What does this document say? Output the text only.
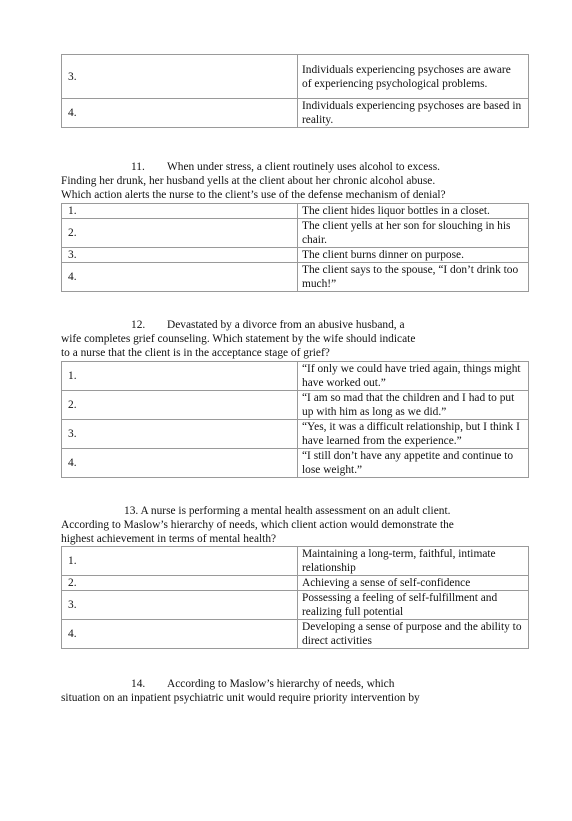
3.	Individuals experiencing psychoses are aware of experiencing psychological problems.
4.	Individuals experiencing psychoses are based in reality.
11. When under stress, a client routinely uses alcohol to excess.
Finding her drunk, her husband yells at the client about her chronic alcohol abuse.
Which action alerts the nurse to the client’s use of the defense mechanism of denial?
1.	The client hides liquor bottles in a closet.
2.	The client yells at her son for slouching in his chair.
3.	The client burns dinner on purpose.
4.	The client says to the spouse, “I don’t drink too much!”
12. Devastated by a divorce from an abusive husband, a
wife completes grief counseling. Which statement by the wife should indicate
to a nurse that the client is in the acceptance stage of grief?
1.	“If only we could have tried again, things might have worked out.”
2.	“I am so mad that the children and I had to put up with him as long as we did.”
3.	“Yes, it was a difficult relationship, but I think I have learned from the experience.”
4.	“I still don’t have any appetite and continue to lose weight.”
13. A nurse is performing a mental health assessment on an adult client.
According to Maslow’s hierarchy of needs, which client action would demonstrate the
highest achievement in terms of mental health?
1.	Maintaining a long-term, faithful, intimate relationship
2.	Achieving a sense of self-confidence
3.	Possessing a feeling of self-fulfillment and realizing full potential
4.	Developing a sense of purpose and the ability to direct activities
14. According to Maslow’s hierarchy of needs, which
situation on an inpatient psychiatric unit would require priority intervention by
